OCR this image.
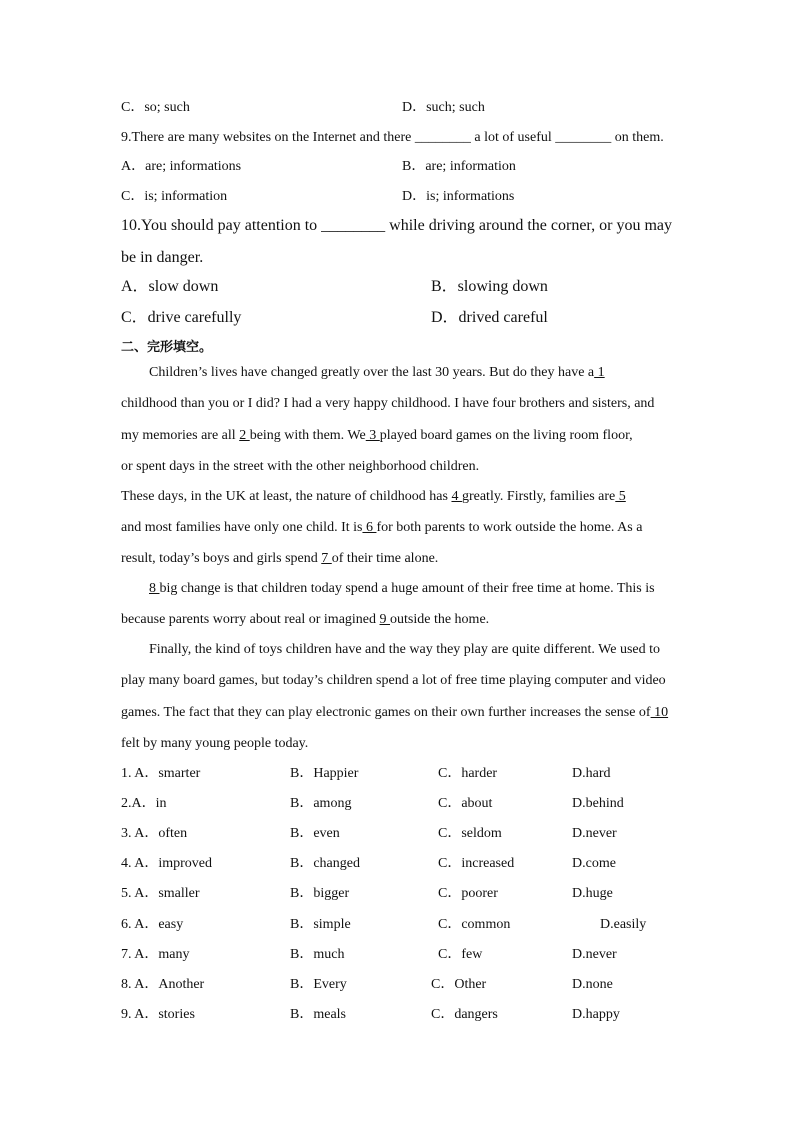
C．so; such	D．such; such
9.There are many websites on the Internet and there ________ a lot of useful ________ on them.
A．are; informations	B．are; information
C．is; information	D．is; informations
10.You should pay attention to ________ while driving around the corner, or you may
be in danger.
A．slow down	B．slowing down
C．drive carefully	D．drived careful
二、完形填空。
Children’s lives have changed greatly over the last 30 years. But do they have a 1
childhood than you or I did? I had a very happy childhood. I have four brothers and sisters, and
my memories are all 2 being with them. We 3 played board games on the living room floor,
or spent days in the street with the other neighborhood children.
These days, in the UK at least, the nature of childhood has 4 greatly. Firstly, families are 5
and most families have only one child. It is 6 for both parents to work outside the home. As a
result, today’s boys and girls spend 7 of their time alone.
8 big change is that children today spend a huge amount of their free time at home. This is
because parents worry about real or imagined 9 outside the home.
Finally, the kind of toys children have and the way they play are quite different. We used to
play many board games, but today’s children spend a lot of free time playing computer and video
games. The fact that they can play electronic games on their own further increases the sense of 10
felt by many young people today.
1. A．smarter	B．Happier	C．harder	D.hard
2.A．in	B．among	C．about	D.behind
3. A．often	B．even	C．seldom	D.never
4. A．improved	B．changed	C．increased	D.come
5. A．smaller	B．bigger	C．poorer	D.huge
6. A．easy	B．simple	C．common	D.easily
7. A．many	B．much	C．few	D.never
8. A．Another	B．Every	C．Other	D.none
9. A．stories	B．meals	C．dangers	D.happy
